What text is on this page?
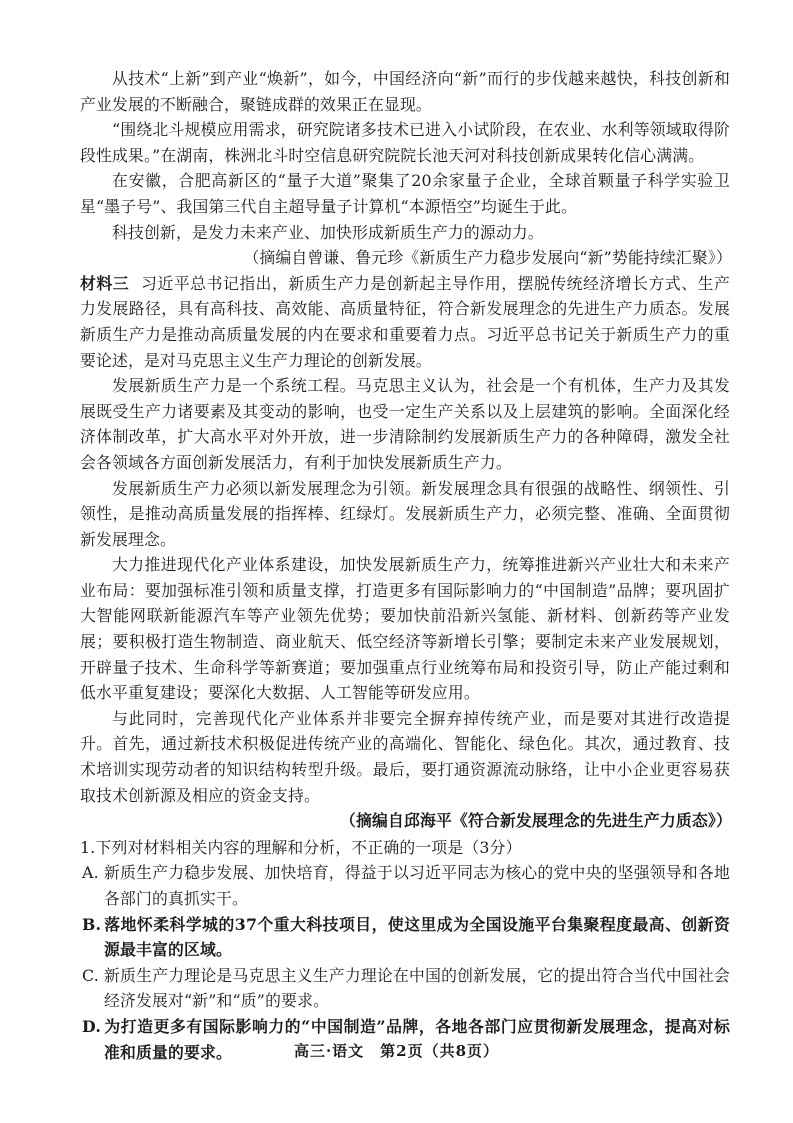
从技术“上新”到产业“焕新”，如今，中国经济向“新”而行的步伐越来越快，科技创新和产业发展的不断融合，聚链成群的效果正在显现。

“围绕北斗规模应用需求，研究院诸多技术已进入小试阶段，在农业、水利等领域取得阶段性成果。”在湖南，株洲北斗时空信息研究院院长池天河对科技创新成果转化信心满满。

在安徽，合肥高新区的“量子大道”聚集了20余家量子企业，全球首颗量子科学实验卫星“墨子号”、我国第三代自主超导量子计算机“本源悟空”均诞生于此。

科技创新，是发力未来产业、加快形成新质生产力的源动力。

（摘编自曾谦、鲁元珍《新质生产力稳步发展向“新”势能持续汇聚》）

材料三 习近平总书记指出，新质生产力是创新起主导作用，摆脱传统经济增长方式、生产力发展路径，具有高科技、高效能、高质量特征，符合新发展理念的先进生产力质态。发展新质生产力是推动高质量发展的内在要求和重要着力点。习近平总书记关于新质生产力的重要论述，是对马克思主义生产力理论的创新发展。

发展新质生产力是一个系统工程。马克思主义认为，社会是一个有机体，生产力及其发展既受生产力诸要素及其变动的影响，也受一定生产关系以及上层建筑的影响。全面深化经济体制改革，扩大高水平对外开放，进一步清除制约发展新质生产力的各种障碍，激发全社会各领域各方面创新发展活力，有利于加快发展新质生产力。

发展新质生产力必须以新发展理念为引领。新发展理念具有很强的战略性、纲领性、引领性，是推动高质量发展的指挥棒、红绿灯。发展新质生产力，必须完整、准确、全面贯彻新发展理念。

大力推进现代化产业体系建设，加快发展新质生产力，统筹推进新兴产业壮大和未来产业布局：要加强标准引领和质量支撑，打造更多有国际影响力的“中国制造”品牌；要巩固扩大智能网联新能源汽车等产业领先优势；要加快前沿新兴氢能、新材料、创新药等产业发展；要积极打造生物制造、商业航天、低空经济等新增长引擎；要制定未来产业发展规划，开辟量子技术、生命科学等新赛道；要加强重点行业统筹布局和投资引导，防止产能过剩和低水平重复建设；要深化大数据、人工智能等研发应用。

与此同时，完善现代化产业体系并非要完全摒弃掉传统产业，而是要对其进行改造提升。首先，通过新技术积极促进传统产业的高端化、智能化、绿色化。其次，通过教育、技术培训实现劳动者的知识结构转型升级。最后，要打通资源流动脉络，让中小企业更容易获取技术创新源及相应的资金支持。

（摘编自邱海平《符合新发展理念的先进生产力质态》）

1.下列对材料相关内容的理解和分析，不正确的一项是（3分）

A. 新质生产力稳步发展、加快培育，得益于以习近平同志为核心的党中央的坚强领导和各地各部门的真抓实干。

B. 落地怀柔科学城的37个重大科技项目，使这里成为全国设施平台集聚程度最高、创新资源最丰富的区域。

C. 新质生产力理论是马克思主义生产力理论在中国的创新发展，它的提出符合当代中国社会经济发展对“新”和“质”的要求。

D. 为打造更多有国际影响力的“中国制造”品牌，各地各部门应贯彻新发展理念，提高对标准和质量的要求。	高三·语文　第2页（共8页）
